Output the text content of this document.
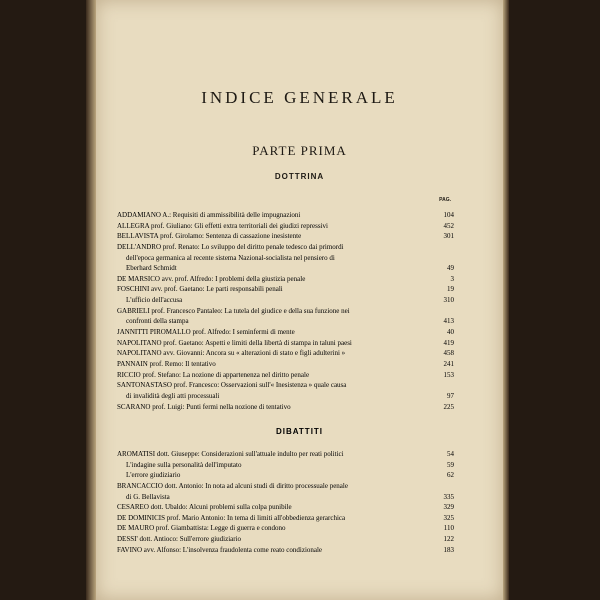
INDICE GENERALE
PARTE PRIMA
DOTTRINA
PAG.
ADDAMIANO A.: Requisiti di ammissibilità delle impugnazioni	104
ALLEGRA prof. Giuliano: Gli effetti extra territoriali dei giudizi repressivi	452
BELLAVISTA prof. Girolamo: Sentenza di cassazione inesistente	301
DELL'ANDRO prof. Renato: Lo sviluppo del diritto penale tedesco dai primordi
dell'epoca germanica al recente sistema Nazional-socialista nel pensiero di
Eberhard Schmidt	49
DE MARSICO avv. prof. Alfredo: I problemi della giustizia penale	3
FOSCHINI avv. prof. Gaetano: Le parti responsabili penali	19
L'ufficio dell'accusa	310
GABRIELI prof. Francesco Pantaleo: La tutela del giudice e della sua funzione nei
confronti della stampa	413
JANNITTI PIROMALLO prof. Alfredo: I seminfermi di mente	40
NAPOLITANO prof. Gaetano: Aspetti e limiti della libertà di stampa in taluni paesi	419
NAPOLITANO avv. Giovanni: Ancora su « alterazioni di stato e figli adulterini »	458
PANNAIN prof. Remo: Il tentativo	241
RICCIO prof. Stefano: La nozione di appartenenza nel diritto penale	153
SANTONASTASO prof. Francesco: Osservazioni sull'« Inesistenza » quale causa
di invalidità degli atti processuali	97
SCARANO prof. Luigi: Punti fermi nella nozione di tentativo	225
DIBATTITI
AROMATISI dott. Giuseppe: Considerazioni sull'attuale indulto per reati politici	54
L'indagine sulla personalità dell'imputato	59
L'errore giudiziario	62
BRANCACCIO dott. Antonio: In nota ad alcuni studi di diritto processuale penale
di G. Bellavista	335
CESAREO dott. Ubaldo: Alcuni problemi sulla colpa punibile	329
DE DOMINICIS prof. Mario Antonio: In tema di limiti all'obbedienza gerarchica	325
DE MAURO prof. Giambattista: Legge di guerra e condono	110
DESSI' dott. Antioco: Sull'errore giudiziario	122
FAVINO avv. Alfonso: L'insolvenza fraudolenta come reato condizionale	183
